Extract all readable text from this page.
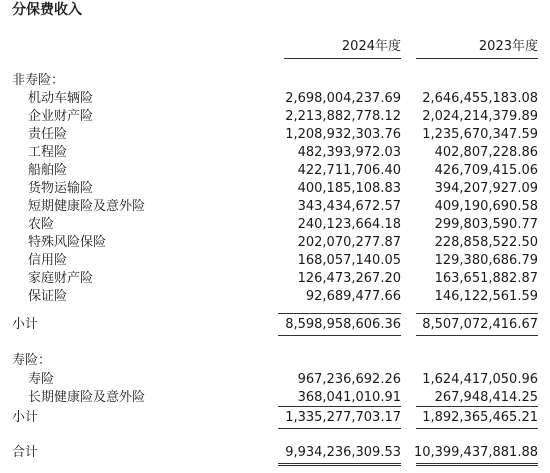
分保费收入
2024年度	2023年度
非寿险：
机动车辆险	2,698,004,237.69 2,646,455,183.08
企业财产险	2,213,882,778.12 2,024,214,379.89
责任险	1,208,932,303.76 1,235,670,347.59
工程险	482,393,972.03	402,807,228.86
船舶险	422,711,706.40	426,709,415.06
货物运输险	400,185,108.83	394,207,927.09
短期健康险及意外险	343,434,672.57	409,190,690.58
农险	240,123,664.18	299,803,590.77
特殊风险保险	202,070,277.87	228,858,522.50
信用险	168,057,140.05	129,380,686.79
家庭财产险	126,473,267.20	163,651,882.87
保证险	92,689,477.66	146,122,561.59
小计	8,598,958,606.36 8,507,072,416.67
寿险：
寿险	967,236,692.26 1,624,417,050.96
长期健康险及意外险	368,041,010.91	267,948,414.25
小计	1,335,277,703.17 1,892,365,465.21
合计	9,934,236,309.53 10,399,437,881.88
